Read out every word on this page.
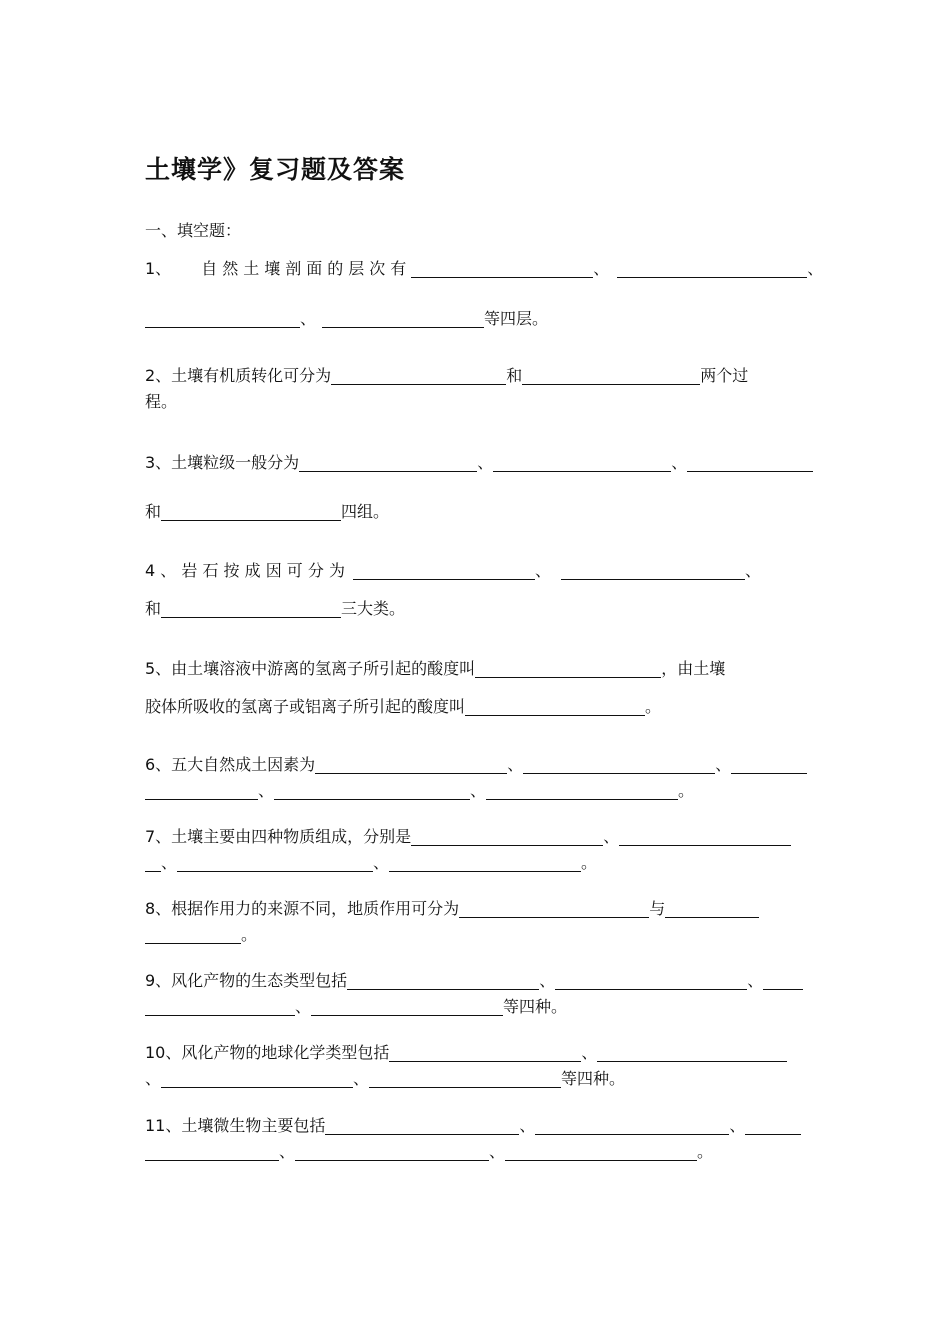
土壤学》复习题及答案
一、填空题：
1、 自然土壤剖面的层次有	、	、
、	等四层。
2、土壤有机质转化可分为	和	两个过
程。
3、土壤粒级一般分为	、	、
和	四组。
4 、 岩 石 按 成 因 可 分 为	、	、
和	三大类。
5、由土壤溶液中游离的氢离子所引起的酸度叫	，由土壤
胶体所吸收的氢离子或铝离子所引起的酸度叫	。
6、五大自然成土因素为	、	、
、	、	。
7、土壤主要由四种物质组成，分别是	、
、	、	。
8、根据作用力的来源不同，地质作用可分为	与
。
9、风化产物的生态类型包括	、	、
、	等四种。
10、风化产物的地球化学类型包括	、
、	、	等四种。
11、土壤微生物主要包括	、	、
、	、	。
